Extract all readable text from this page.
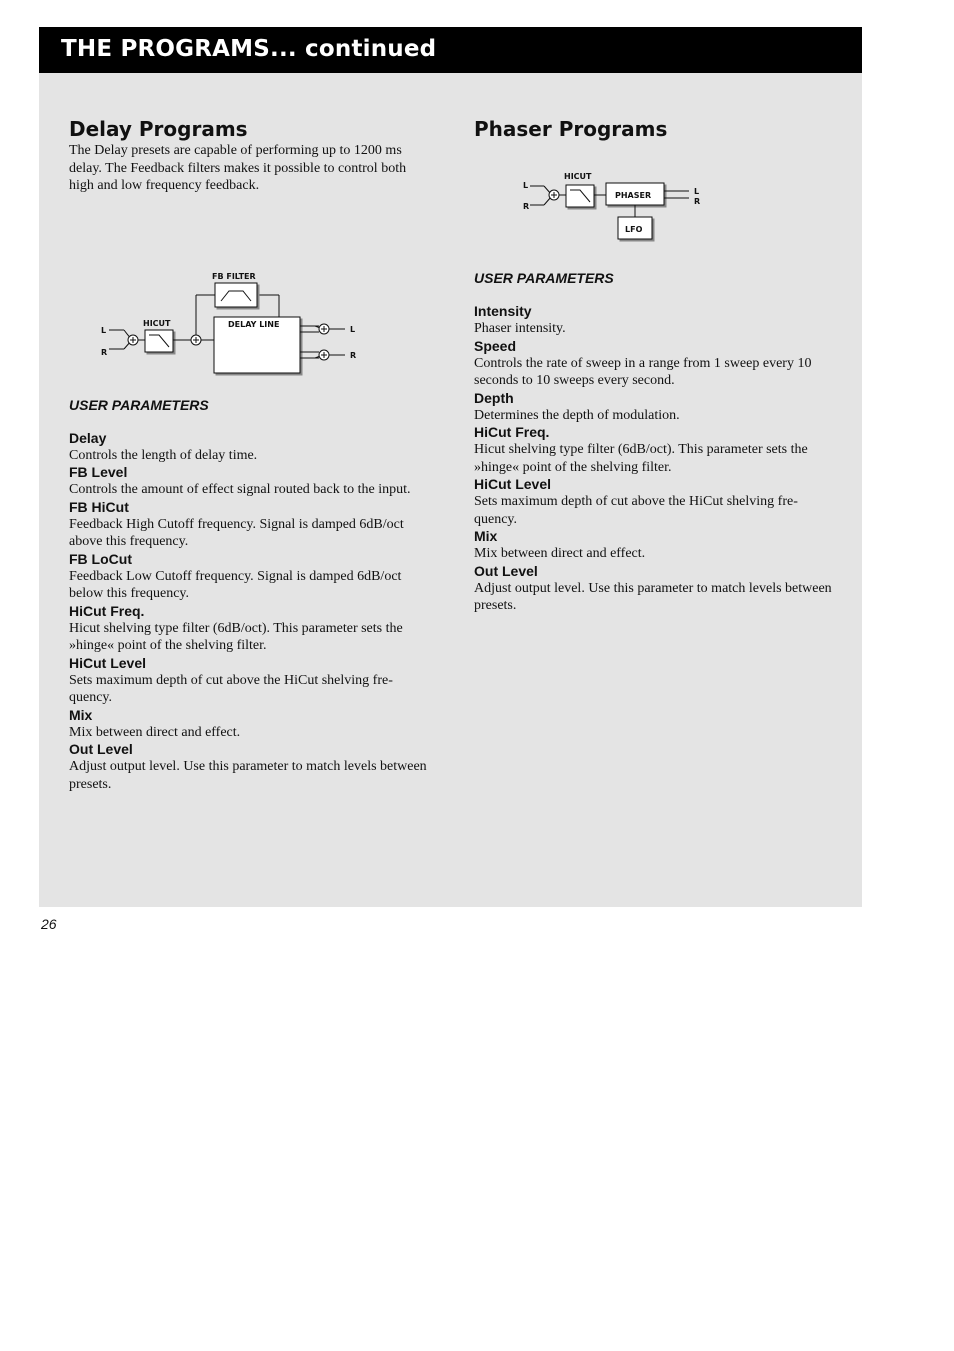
THE PROGRAMS... continued
Delay Programs

The Delay presets are capable of performing up to 1200 ms delay. The Feedback filters makes it possible to control both high and low frequency feedback.

FB FILTER
HICUT	DELAY LINE
L
R
L
R

USER PARAMETERS

Delay

Controls the length of delay time.

FB Level

Controls the amount of effect signal routed back to the input.

FB HiCut

Feedback High Cutoff frequency. Signal is damped 6dB/oct above this frequency.

FB LoCut

Feedback Low Cutoff frequency. Signal is damped 6dB/oct below this frequency.

HiCut Freq.

Hicut shelving type filter (6dB/oct). This parameter sets the »hinge« point of the shelving filter.

HiCut Level

Sets maximum depth of cut above the HiCut shelving fre-quency.

Mix

Mix between direct and effect.

Out Level

Adjust output level. Use this parameter to match levels between presets.

Phaser Programs
HICUT
PHASER
LFO
L
R
L
R

USER PARAMETERS

Intensity

Phaser intensity.

Speed

Controls the rate of sweep in a range from 1 sweep every 10 seconds to 10 sweeps every second.

Depth

Determines the depth of modulation.

HiCut Freq.

Hicut shelving type filter (6dB/oct). This parameter sets the »hinge« point of the shelving filter.

HiCut Level

Sets maximum depth of cut above the HiCut shelving fre-quency.

Mix

Mix between direct and effect.

Out Level

Adjust output level. Use this parameter to match levels between presets.

26
